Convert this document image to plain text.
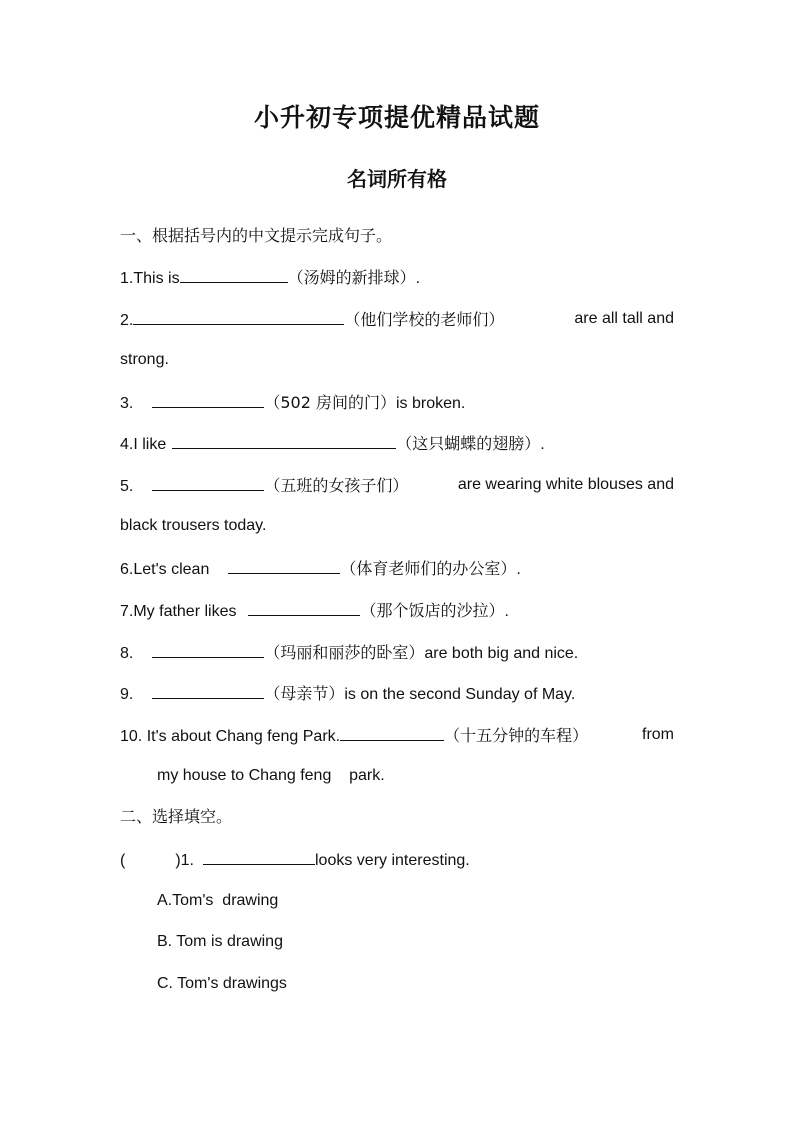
小升初专项提优精品试题
名词所有格
一、根据括号内的中文提示完成句子。
1.This is	（汤姆的新排球）.
2.	（他们学校的老师们）	are all tall and
strong.
3.	（502 房间的门）is broken.
4.I like	（这只蝴蝶的翅膀）.
5.	（五班的女孩子们）	are wearing white blouses and
black trousers today.
6.Let's clean	（体育老师们的办公室）.
7.My father likes	（那个饭店的沙拉）.
8.	（玛丽和丽莎的卧室）are both big and nice.
9.	（母亲节）is on the second Sunday of May.
10. It's about Chang feng Park.	（十五分钟的车程）	from
my house to Chang feng    park.
二、选择填空。
(	)1.	looks very interesting.
A.Tom's  drawing
B. Tom is drawing
C. Tom's drawings
